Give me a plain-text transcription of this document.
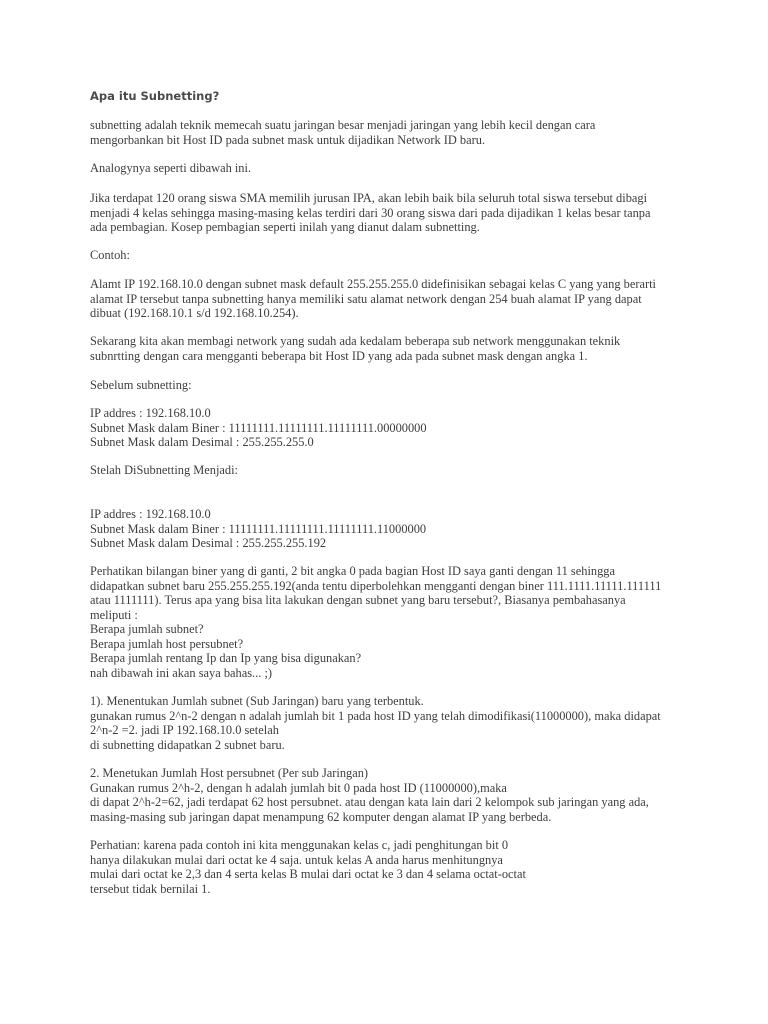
Apa itu Subnetting?
subnetting adalah teknik memecah suatu jaringan besar menjadi jaringan yang lebih kecil dengan cara
mengorbankan bit Host ID pada subnet mask untuk dijadikan Network ID baru.
Analogynya seperti dibawah ini.
Jika terdapat 120 orang siswa SMA memilih jurusan IPA, akan lebih baik bila seluruh total siswa tersebut dibagi
menjadi 4 kelas sehingga masing-masing kelas terdiri dari 30 orang siswa dari pada dijadikan 1 kelas besar tanpa
ada pembagian. Kosep pembagian seperti inilah yang dianut dalam subnetting.
Contoh:
Alamt IP 192.168.10.0 dengan subnet mask default 255.255.255.0 didefinisikan sebagai kelas C yang yang berarti
alamat IP tersebut tanpa subnetting hanya memiliki satu alamat network dengan 254 buah alamat IP yang dapat
dibuat (192.168.10.1 s/d 192.168.10.254).
Sekarang kita akan membagi network yang sudah ada kedalam beberapa sub network menggunakan teknik
subnrtting dengan cara mengganti beberapa bit Host ID yang ada pada subnet mask dengan angka 1.
Sebelum subnetting:
IP addres : 192.168.10.0
Subnet Mask dalam Biner : 11111111.11111111.11111111.00000000
Subnet Mask dalam Desimal : 255.255.255.0
Stelah DiSubnetting Menjadi:
IP addres : 192.168.10.0
Subnet Mask dalam Biner : 11111111.11111111.11111111.11000000
Subnet Mask dalam Desimal : 255.255.255.192
Perhatikan bilangan biner yang di ganti, 2 bit angka 0 pada bagian Host ID saya ganti dengan 11 sehingga
didapatkan subnet baru 255.255.255.192(anda tentu diperbolehkan mengganti dengan biner 111.1111.11111.111111
atau 1111111). Terus apa yang bisa lita lakukan dengan subnet yang baru tersebut?, Biasanya pembahasanya
meliputi :
Berapa jumlah subnet?
Berapa jumlah host persubnet?
Berapa jumlah rentang Ip dan Ip yang bisa digunakan?
nah dibawah ini akan saya bahas... ;)
1). Menentukan Jumlah subnet (Sub Jaringan) baru yang terbentuk.
gunakan rumus 2^n-2 dengan n adalah jumlah bit 1 pada host ID yang telah dimodifikasi(11000000), maka didapat
2^n-2 =2. jadi IP 192.168.10.0 setelah
di subnetting didapatkan 2 subnet baru.
2. Menetukan Jumlah Host persubnet (Per sub Jaringan)
Gunakan rumus 2^h-2, dengan h adalah jumlah bit 0 pada host ID (11000000),maka
di dapat 2^h-2=62, jadi terdapat 62 host persubnet. atau dengan kata lain dari 2 kelompok sub jaringan yang ada,
masing-masing sub jaringan dapat menampung 62 komputer dengan alamat IP yang berbeda.
Perhatian: karena pada contoh ini kita menggunakan kelas c, jadi penghitungan bit 0
hanya dilakukan mulai dari octat ke 4 saja. untuk kelas A anda harus menhitungnya
mulai dari octat ke 2,3 dan 4 serta kelas B mulai dari octat ke 3 dan 4 selama octat-octat
tersebut tidak bernilai 1.
